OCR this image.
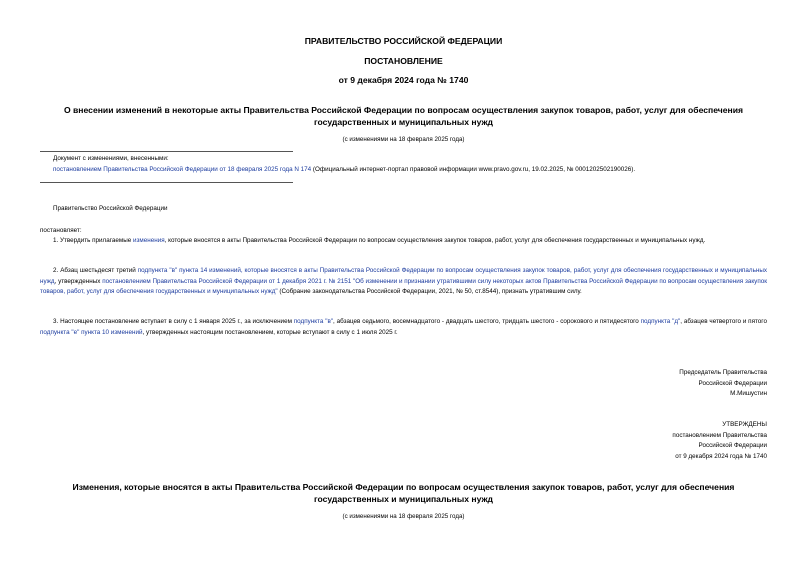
ПРАВИТЕЛЬСТВО РОССИЙСКОЙ ФЕДЕРАЦИИ
ПОСТАНОВЛЕНИЕ
от 9 декабря 2024 года № 1740
О внесении изменений в некоторые акты Правительства Российской Федерации по вопросам осуществления закупок товаров, работ, услуг для обеспечения
государственных и муниципальных нужд
(с изменениями на 18 февраля 2025 года)
Документ с изменениями, внесенными:
постановлением Правительства Российской Федерации от 18 февраля 2025 года N 174 (Официальный интернет-портал правовой информации www.pravo.gov.ru, 19.02.2025, № 0001202502190026).
Правительство Российской Федерации
постановляет:
1. Утвердить прилагаемые изменения, которые вносятся в акты Правительства Российской Федерации по вопросам осуществления закупок товаров, работ, услуг для обеспечения государственных и муниципальных нужд.
2. Абзац шестьдесят третий подпункта "в" пункта 14 изменений, которые вносятся в акты Правительства Российской Федерации по вопросам осуществления закупок товаров, работ, услуг для обеспечения государственных и муниципальных нужд, утвержденных постановлением Правительства Российской Федерации от 1 декабря 2021 г. № 2151 "Об изменении и признании утратившими силу некоторых актов Правительства Российской Федерации по вопросам осуществления закупок товаров, работ, услуг для обеспечения государственных и муниципальных нужд" (Собрание законодательства Российской Федерации, 2021, № 50, ст.8544), признать утратившим силу.
3. Настоящее постановление вступает в силу с 1 января 2025 г., за исключением подпункта "в", абзацев седьмого, восемнадцатого - двадцать шестого, тридцать шестого - сорокового и пятидесятого подпункта "д", абзацев четвертого и пятого подпункта "е" пункта 10 изменений, утвержденных настоящим постановлением, которые вступают в силу с 1 июля 2025 г.
Председатель Правительства
Российской Федерации
М.Мишустин
УТВЕРЖДЕНЫ
постановлением Правительства
Российской Федерации
от 9 декабря 2024 года № 1740
Изменения, которые вносятся в акты Правительства Российской Федерации по вопросам осуществления закупок товаров, работ, услуг для обеспечения
государственных и муниципальных нужд
(с изменениями на 18 февраля 2025 года)
